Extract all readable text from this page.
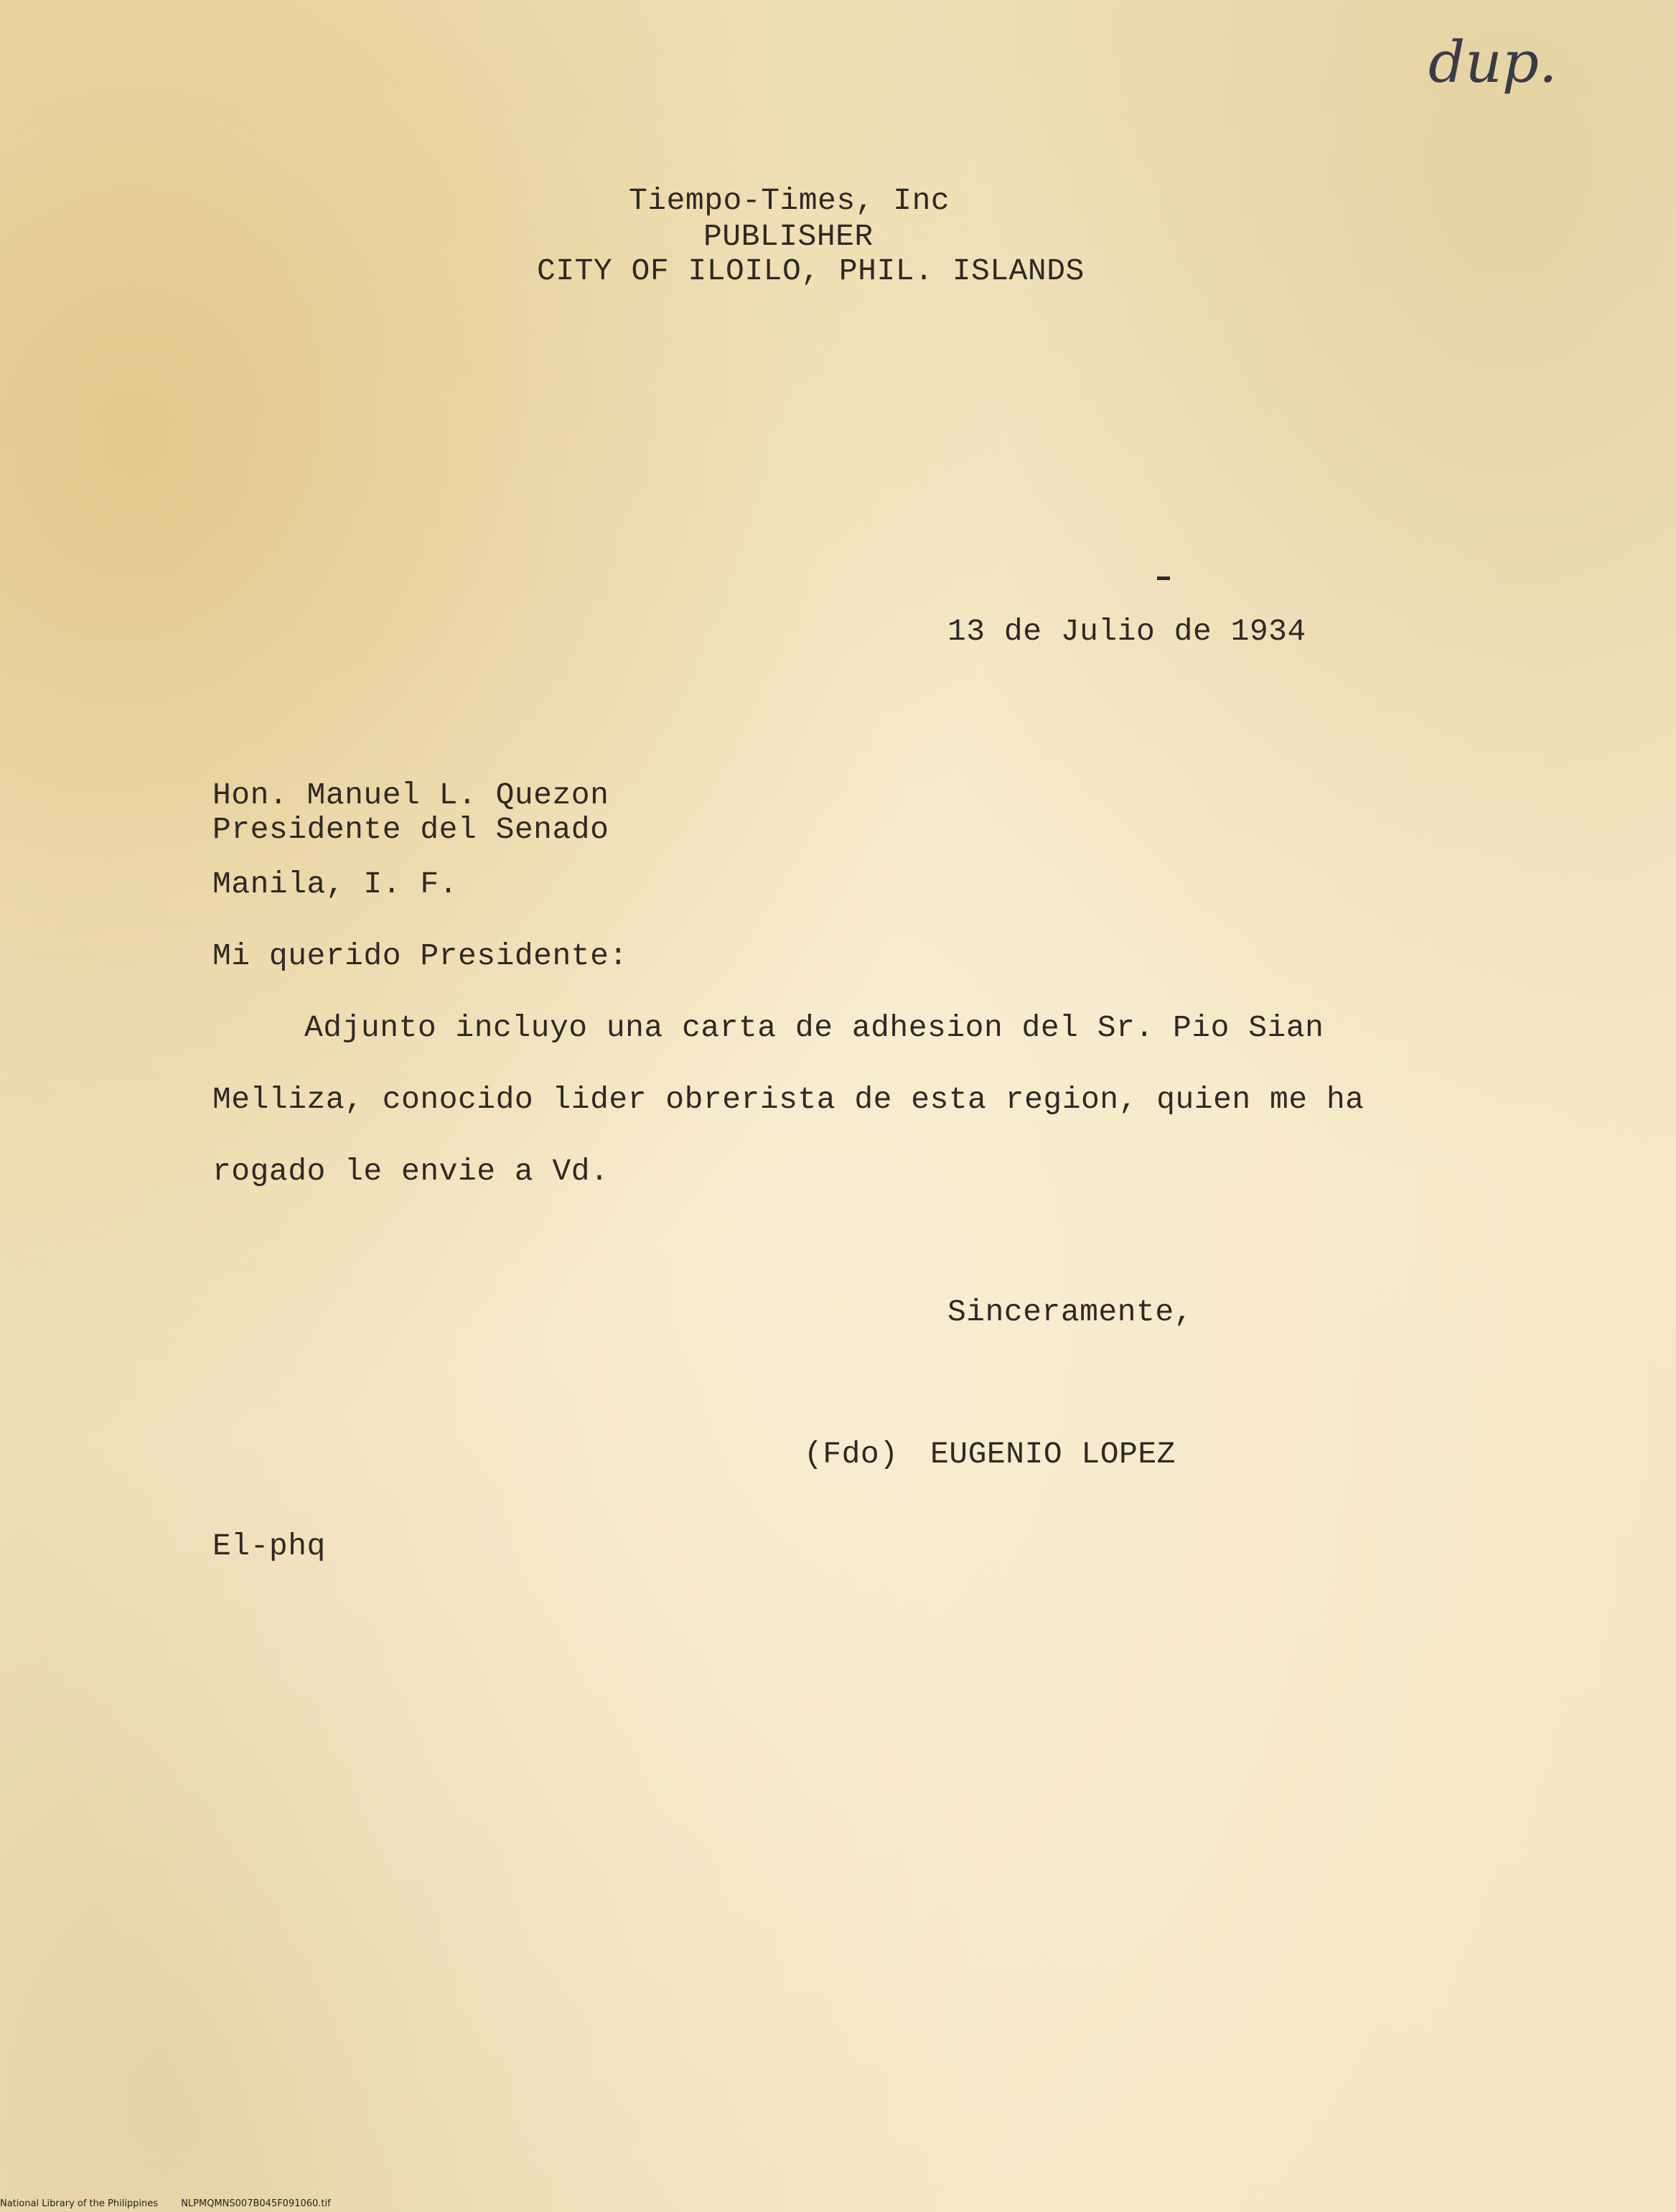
dup.
Tiempo-Times, Inc
PUBLISHER
CITY OF ILOILO, PHIL. ISLANDS
13 de Julio de 1934
Hon. Manuel L. Quezon
Presidente del Senado
Manila, I. F.
Mi querido Presidente:
Adjunto incluyo una carta de adhesion del Sr. Pio Sian
Melliza, conocido lider obrerista de esta region, quien me ha
rogado le envie a Vd.
Sinceramente,
(Fdo) EUGENIO LOPEZ
El-phq
National Library of the Philippines NLPMQMNS007B045F091060.tif
